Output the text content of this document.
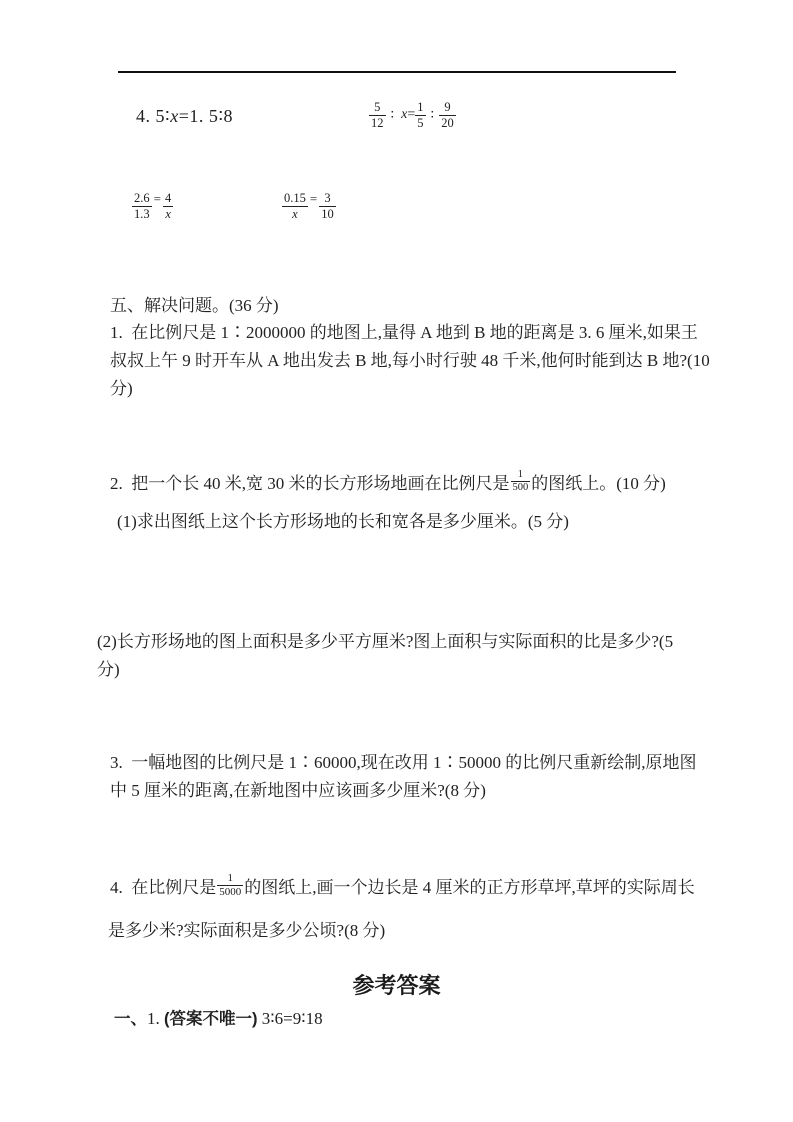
4. 5∶x=1. 5∶8	$\frac{5}{12}$ ∶ $x = \frac{1}{5}$ ∶ $\frac{9}{20}$
$\frac{2.6}{1.3} = \frac{4}{x}$	$\frac{0.15}{x} = \frac{3}{10}$
五、解决问题。(36 分)
1.  在比例尺是 1∶2000000 的地图上,量得 A 地到 B 地的距离是 3. 6 厘米,如果王
叔叔上午 9 时开车从 A 地出发去 B 地,每小时行驶 48 千米,他何时能到达 B 地?(10
分)
2.  把一个长 40 米,宽 30 米的长方形场地画在比例尺是 $\frac{1}{500}$ 的图纸上。(10 分)
(1)求出图纸上这个长方形场地的长和宽各是多少厘米。(5 分)
(2)长方形场地的图上面积是多少平方厘米?图上面积与实际面积的比是多少?(5
分)
3.  一幅地图的比例尺是 1∶60000,现在改用 1∶50000 的比例尺重新绘制,原地图
中 5 厘米的距离,在新地图中应该画多少厘米?(8 分)
4.  在比例尺是 $\frac{1}{5000}$ 的图纸上,画一个边长是 4 厘米的正方形草坪,草坪的实际周长
是多少米?实际面积是多少公顷?(8 分)
参考答案
一、1. (答案不唯一) 3∶6=9∶18
